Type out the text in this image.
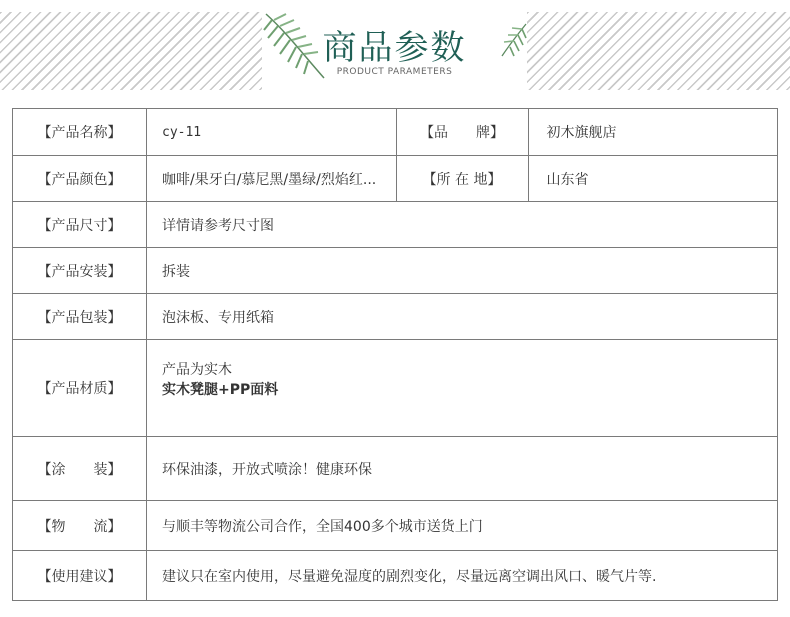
商品参数
PRODUCT PARAMETERS
【产品名称】	cy-11	【品　　牌】	初木旗舰店
【产品颜色】	咖啡/果牙白/慕尼黑/墨绿/烈焰红...	【所 在 地】	山东省
【产品尺寸】	详情请参考尺寸图		
【产品安装】	拆装		
【产品包装】	泡沫板、专用纸箱		
【产品材质】	产品为实木
实木凳腿+PP面料		

【涂　　装】	环保油漆，开放式喷涂！健康环保		
【物　　流】	与顺丰等物流公司合作，全国400多个城市送货上门		
【使用建议】	建议只在室内使用，尽量避免湿度的剧烈变化，尽量远离空调出风口、暖气片等.		
